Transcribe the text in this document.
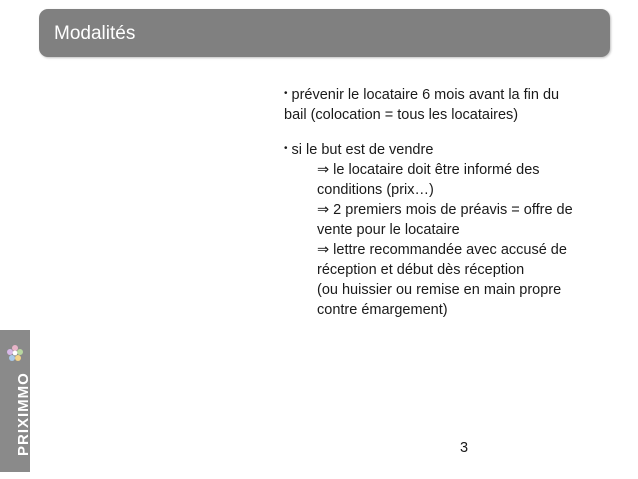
Modalités
• prévenir le locataire 6 mois avant la fin du
bail (colocation = tous les locataires)
• si le but est de vendre
⇒ le locataire doit être informé des
conditions (prix…)
⇒ 2 premiers mois de préavis = offre de
vente pour le locataire
⇒ lettre recommandée avec accusé de
réception et début dès réception
(ou huissier ou remise en main propre
contre émargement)
3
PRIXIMMO
